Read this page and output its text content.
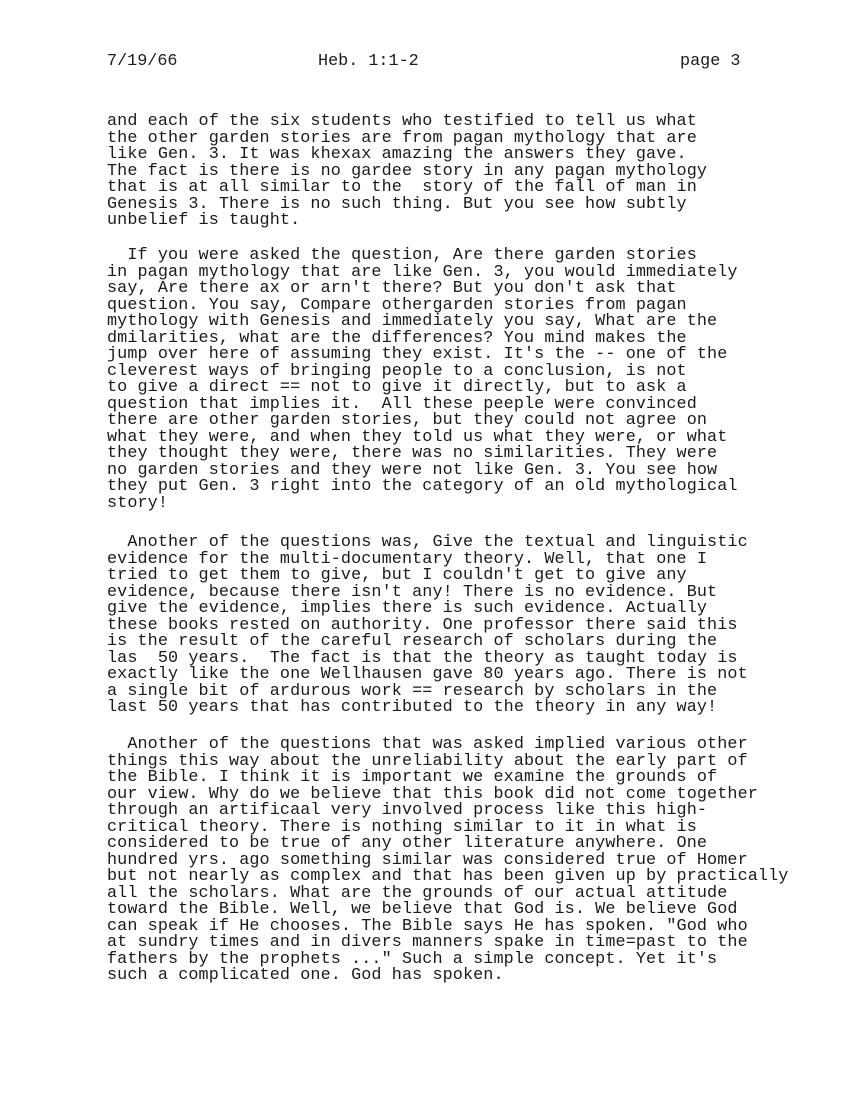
7/19/66	Heb. 1:1-2	page 3
and each of the six students who testified to tell us what
the other garden stories are from pagan mythology that are
like Gen. 3. It was khexax amazing the answers they gave.
The fact is there is no gardee story in any pagan mythology
that is at all similar to the  story of the fall of man in
Genesis 3. There is no such thing. But you see how subtly
unbelief is taught.
If you were asked the question, Are there garden stories
in pagan mythology that are like Gen. 3, you would immediately
say, Are there ax or arn't there? But you don't ask that
question. You say, Compare othergarden stories from pagan
mythology with Genesis and immediately you say, What are the
dmilarities, what are the differences? You mind makes the
jump over here of assuming they exist. It's the -- one of the
cleverest ways of bringing people to a conclusion, is not
to give a direct == not to give it directly, but to ask a
question that implies it.  All these peeple were convinced
there are other garden stories, but they could not agree on
what they were, and when they told us what they were, or what
they thought they were, there was no similarities. They were
no garden stories and they were not like Gen. 3. You see how
they put Gen. 3 right into the category of an old mythological
story!
Another of the questions was, Give the textual and linguistic
evidence for the multi-documentary theory. Well, that one I
tried to get them to give, but I couldn't get to give any
evidence, because there isn't any! There is no evidence. But
give the evidence, implies there is such evidence. Actually
these books rested on authority. One professor there said this
is the result of the careful research of scholars during the
las  50 years.  The fact is that the theory as taught today is
exactly like the one Wellhausen gave 80 years ago. There is not
a single bit of ardurous work == research by scholars in the
last 50 years that has contributed to the theory in any way!
Another of the questions that was asked implied various other
things this way about the unreliability about the early part of
the Bible. I think it is important we examine the grounds of
our view. Why do we believe that this book did not come together
through an artificaal very involved process like this high-
critical theory. There is nothing similar to it in what is
considered to be true of any other literature anywhere. One
hundred yrs. ago something similar was considered true of Homer
but not nearly as complex and that has been given up by practically
all the scholars. What are the grounds of our actual attitude
toward the Bible. Well, we believe that God is. We believe God
can speak if He chooses. The Bible says He has spoken. "God who
at sundry times and in divers manners spake in time=past to the
fathers by the prophets ..." Such a simple concept. Yet it's
such a complicated one. God has spoken.
